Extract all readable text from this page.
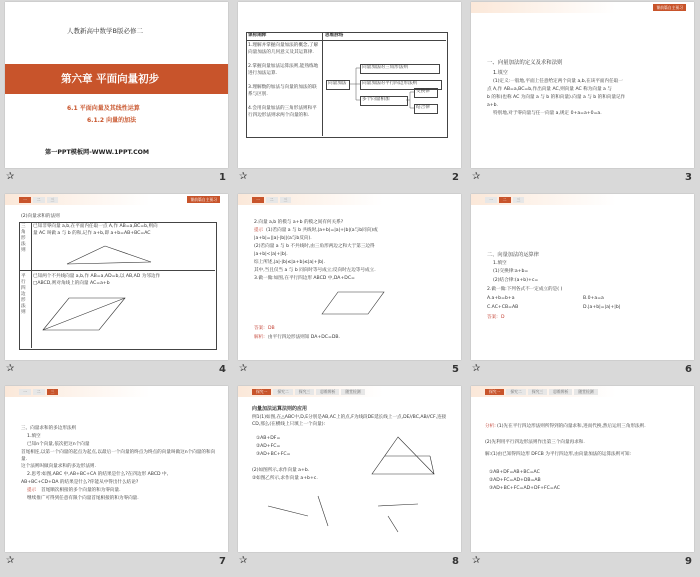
人教新高中数学B版必修二
第六章 平面向量初步
6.1 平面向量及其线性运算
6.1.2 向量的加法
第一PPT模板网-WWW.1PPT.COM
✰	1
课标阐释	思维脉络
1.理解并掌握向量加法的概念,了解向量加法的几何意义及其运算律.
2.掌握向量加法运算法则,能熟练地进行加法运算.
3.理解数的加法与向量的加法的联系与区别.
4.会用向量加法的三角形法则和平行四边形法则求两个向量的和.
向量加法
向量加法的三角形法则
向量加法的平行四边形法则
多个向量相加
交换律
结合律
✰	2
课前篇自主预习
一、向量加法的定义及求和法则
1.填空
(1)定义:一般地,平面上任意给定两个向量 a,b,在该平面内任取一
点 A,作 AB=a,BC=b,作出向量 AC,则向量 AC 称为向量 a 与
b 的和(也称 AC 为向量 a 与 b 的和向量).向量 a 与 b 的和向量记作
a+b.
特别地,对于零向量与任一向量 a,规定 0+a=a+0=a.
✰	3
一	二	三	课前篇自主预习
(2)向量求和的法则
三角形法则
已知非零向量 a,b,在平面内任取一点 A,作 AB=a,BC=b,则向
量 AC 叫做 a 与 b 的和,记作 a+b,即 a+b=AB+BC=AC
平行四边形法则
已知两个不共线向量 a,b,作 AB=a,AD=b,以 AB,AD 为邻边作
□ABCD,则对角线上的向量 AC=a+b
✰	4
一	二	三
2.向量 a,b 的模与 a+b 的模之间有何关系?
提示 (1)若向量 a 与 b 共线时,|a+b|=|a|+|b|(a与b同向)或
|a+b|=||a|-|b||(a与b反向).
(2)若向量 a 与 b 不共线时,由三角形两边之和大于第三边得
|a+b|<|a|+|b|.
综上所述,|a|-|b|≤|a+b|≤|a|+|b|.
其中,当且仅当 a 与 b 同向时等号成立;反向时左边等号成立.
3.做一做:如图,在平行四边形 ABCD 中,DA+DC=
答案: DB
解析: 由平行四边形法则知 DA+DC=DB.
✰	5
一	二	三
二、向量加法的运算律
1.填空
(1)交换律:a+b=
(2)结合律:(a+b)+c=
2.做一做:下列各式不一定成立的是( )
A.a+b=b+a	B.0+a=a
C.AC+CB=AB	D.|a+b|=|a|+|b|
答案: D
✰	6
一	二	三
三、向量求和的多边形法则
1.填空
已知n个向量,依次把这n个向量
首尾相连,以第一个向量的起点为起点,以最后一个向量的终点为终点的向量叫做这n个向量的和向量.
这个法则叫做向量求和的多边形法则.
2.思考:如图,ABC 中,AB+BC+CA 的结果是什么?在四边形 ABCD 中,
AB+BC+CD+DA 的结果是什么?你能从中得出什么结论?
提示 首尾顺次相接的多个向量的和为零向量.
继续推广可得到任意有限个向量首尾相接的和为零向量.
✰	7
探究一	探究二	探究三	思维辨析	随堂检测
向量加法运算法则的应用
例1(1)如图,在△ABC中,D,E分别是AB,AC上的点,F为线段DE延长线上一点,DE//BC,AB//CF,连接CD,那么(在横线上只填上一个向量):
①AB+DF=
②AD+FC=
③AD+BC+FC=
(2)如图所示,求作向量 a+b.
②如图乙所示,求作向量 a+b+c.
✰	8
探究一	探究二	探究三	思维辨析	随堂检测
分析: (1)先在平行四边形法则所得到的向量求和,进而代换,然后运用三角形法则.
(2)先利用平行四边形法则作出第三个向量再求和.
解:(1)由已知得四边形 DFCB 为平行四边形,由向量加法的运算法则可知:
①AB+DF=AB+BC=AC
②AD+FC=AD+DB=AB
③AD+BC+FC=AD+DF+FC=AC
✰	9
